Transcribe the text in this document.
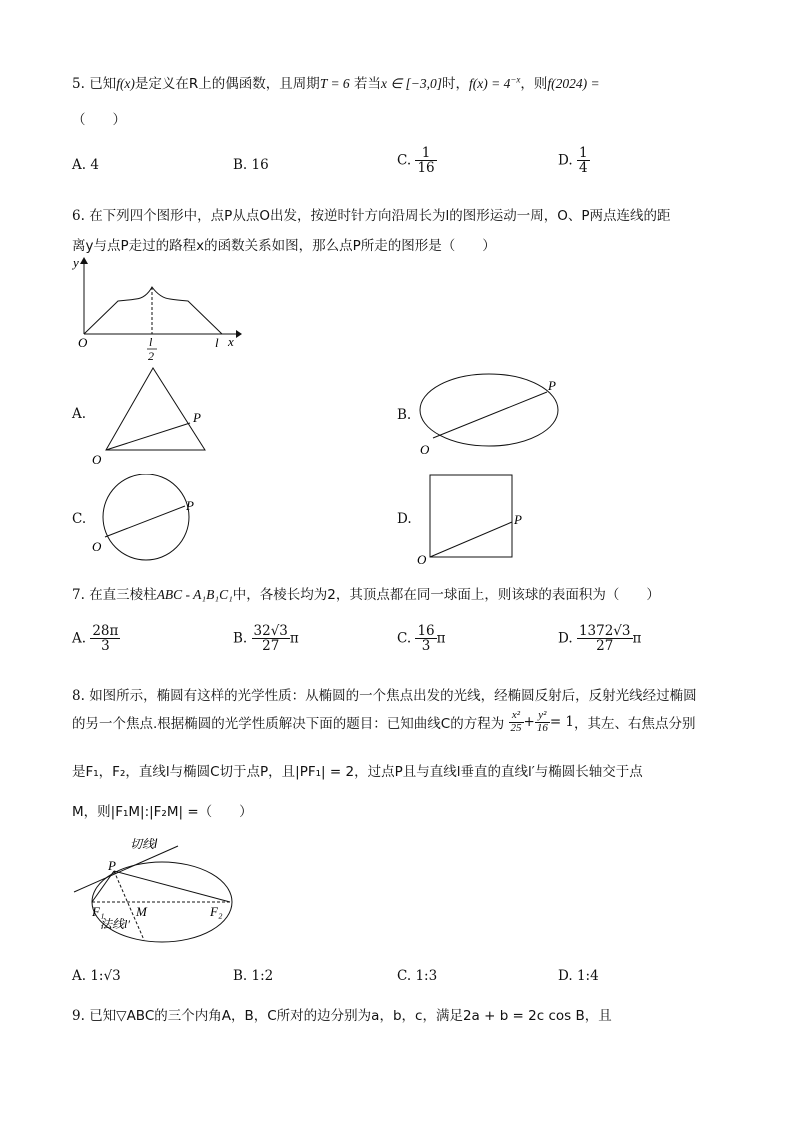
5. 已知f(x)是定义在R上的偶函数，且周期T = 6 若当x ∈ [−3,0]时，$f(x) = 4^{-x}$，则f(2024) =
（　　）
A. 4	B. 16	C. $\frac{1}{16}$	D. $\frac{1}{4}$
6. 在下列四个图形中，点P从点O出发，按逆时针方向沿周长为l的图形运动一周，O、P两点连线的距
离y与点P走过的路程x的函数关系如图，那么点P所走的图形是（　　）
y
x
O	l
2
l
A.
O
P	B.
O
P
C.
O
P
D.
O
P
7. 在直三棱柱ABC - A₁B₁C₁中，各棱长均为2，其顶点都在同一球面上，则该球的表面积为（　　）
A. $\frac{28\pi}{3}$	B. $\frac{32√3}{27}$ π	C. $\frac{16}{3}$ π	D. $\frac{1372√3}{27}$ π
8. 如图所示，椭圆有这样的光学性质：从椭圆的一个焦点出发的光线，经椭圆反射后，反射光线经过椭圆
的另一个焦点.根据椭圆的光学性质解决下面的题目：已知曲线C的方程为 $\frac{\text{x²}}{25} + \frac{\text{y²}}{16} = 1$，其左、右焦点分别
是F₁，F₂，直线l与椭圆C切于点P，且|PF₁| = 2，过点P且与直线l垂直的直线l′与椭圆长轴交于点
M，则|F₁M|:|F₂M| =（　　）
切线l
P
F₁ M	F₂
法线l′
A. 1:√3	B. 1:2	C. 1:3	D. 1:4
9. 已知▽ABC的三个内角A，B，C所对的边分别为a，b，c，满足2a + b = 2c cos B，且
